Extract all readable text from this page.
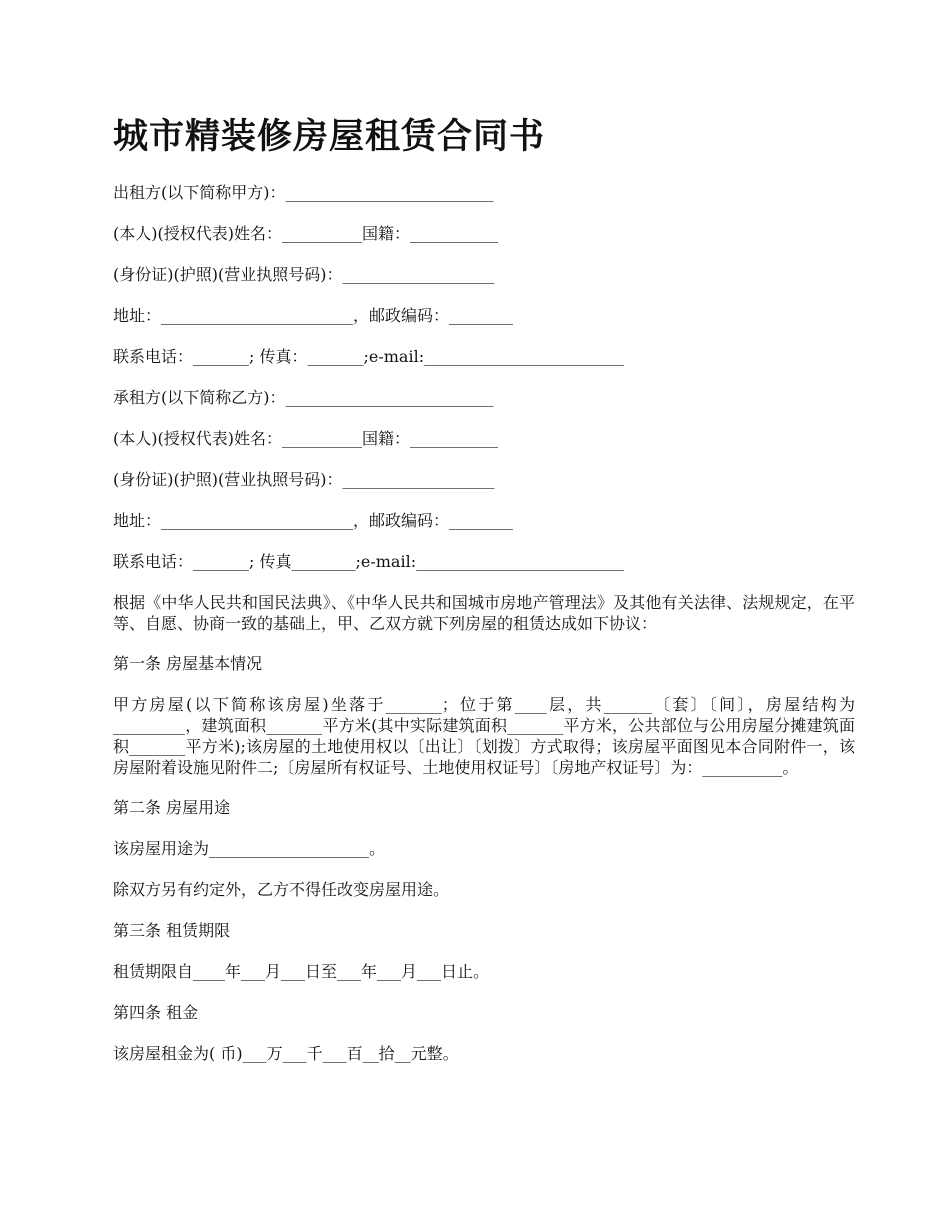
城市精装修房屋租赁合同书

出租方(以下简称甲方)：__________________________

(本人)(授权代表)姓名：__________国籍：___________

(身份证)(护照)(营业执照号码)：___________________

地址：________________________，邮政编码：________

联系电话：_______; 传真：_______;e-mail:_________________________

承租方(以下简称乙方)：__________________________

(本人)(授权代表)姓名：__________国籍：___________

(身份证)(护照)(营业执照号码)：___________________

地址：________________________，邮政编码：________

联系电话：_______; 传真________;e-mail:__________________________

根据《中华人民共和国民法典》、《中华人民共和国城市房地产管理法》及其他有关法律、法规规定，在平等、自愿、协商一致的基础上，甲、乙双方就下列房屋的租赁达成如下协议：

第一条 房屋基本情况

甲方房屋(以下简称该房屋)坐落于_______；位于第____层，共______〔套〕〔间〕，房屋结构为_________，建筑面积_______平方米(其中实际建筑面积_______平方米，公共部位与公用房屋分摊建筑面积_______平方米);该房屋的土地使用权以〔出让〕〔划拨〕方式取得；该房屋平面图见本合同附件一，该房屋附着设施见附件二;〔房屋所有权证号、土地使用权证号〕〔房地产权证号〕为：__________。

第二条 房屋用途

该房屋用途为____________________。

除双方另有约定外，乙方不得任改变房屋用途。

第三条 租赁期限

租赁期限自____年___月___日至___年___月___日止。

第四条 租金

该房屋租金为( 币)___万___千___百__拾__元整。
